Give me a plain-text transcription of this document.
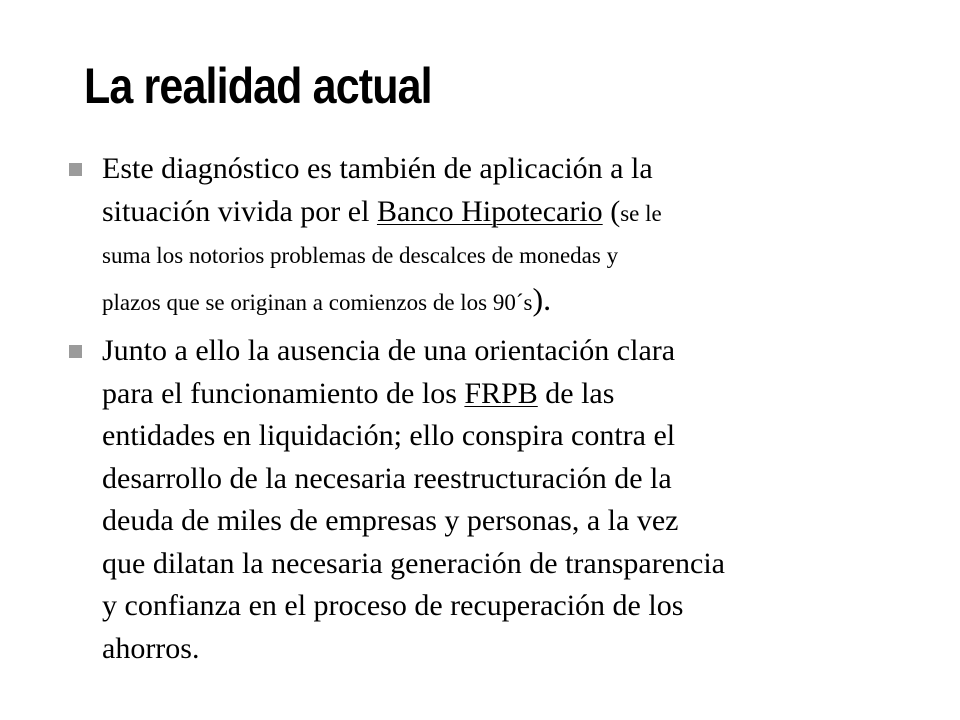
La realidad actual
Este diagnóstico es también de aplicación a la
situación vivida por el Banco Hipotecario (se le
suma los notorios problemas de descalces de monedas y
plazos que se originan a comienzos de los 90´s).
Junto a ello la ausencia de una orientación clara
para el funcionamiento de los FRPB de las
entidades en liquidación; ello conspira contra el
desarrollo de la necesaria reestructuración de la
deuda de miles de empresas y personas, a la vez
que dilatan la necesaria generación de transparencia
y confianza en el proceso de recuperación de los
ahorros.
